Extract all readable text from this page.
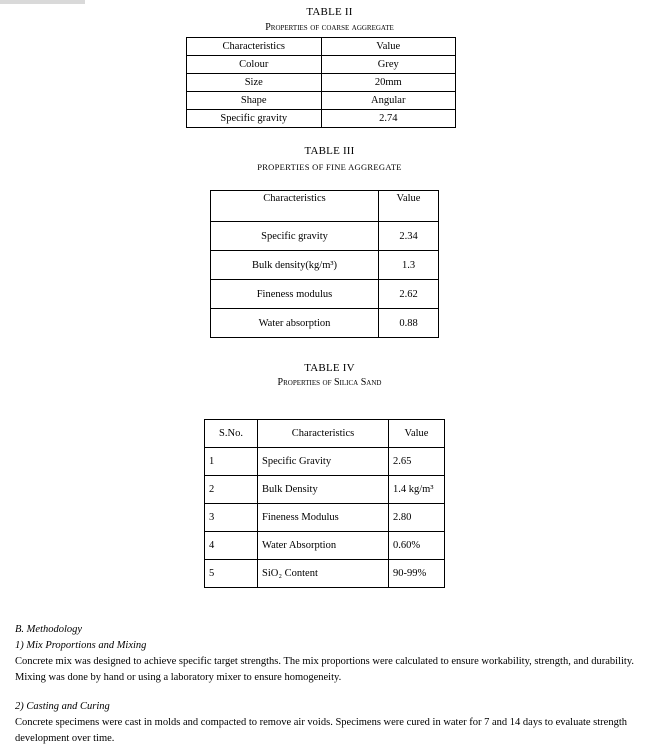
TABLE II
Properties of coarse aggregate
Characteristics	Value
Colour	Grey
Size	20mm
Shape	Angular
Specific gravity	2.74
TABLE III
PROPERTIES OF FINE AGGREGATE
Characteristics	Value
Specific gravity	2.34
Bulk density(kg/m³)	1.3
Fineness modulus	2.62
Water absorption	0.88
TABLE IV
Properties of Silica Sand
S.No.	Characteristics	Value
1	Specific Gravity	2.65
2	Bulk Density	1.4 kg/m³
3	Fineness Modulus	2.80
4	Water Absorption	0.60%
5	SiO₂ Content	90-99%
B. Methodology
1) Mix Proportions and Mixing
Concrete mix was designed to achieve specific target strengths. The mix proportions were calculated to ensure workability, strength, and durability. Mixing was done by hand or using a laboratory mixer to ensure homogeneity.
2) Casting and Curing
Concrete specimens were cast in molds and compacted to remove air voids. Specimens were cured in water for 7 and 14 days to evaluate strength development over time.
